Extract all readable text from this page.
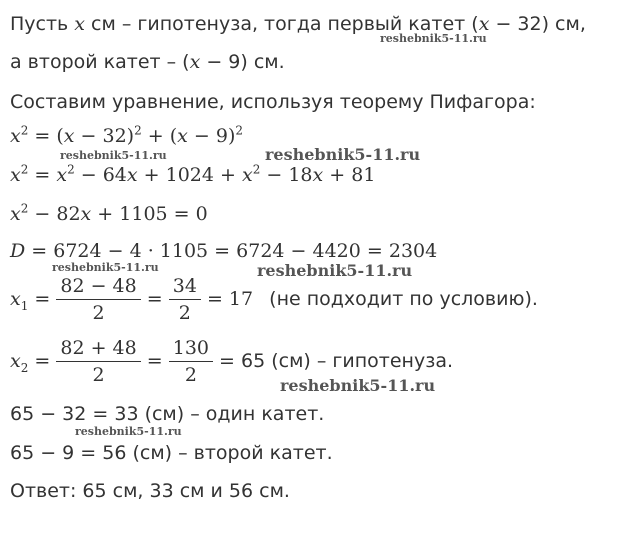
Пусть x см – гипотенуза, тогда первый катет (x − 32) см,
а второй катет – (x − 9) см.
Составим уравнение, используя теорему Пифагора:
$x^2 = (x - 32)^2 + (x - 9)^2$
$x^2 = x^2 - 64x + 1024 + x^2 - 18x + 81$
$x^2 - 82x + 1105 = 0$
D = 6724 − 4 · 1105 = 6724 − 4420 = 2304
$x_1 = \frac{82 - 48}{2} = \frac{34}{2} = 17$ (не подходит по условию).
$x_2 = \frac{82 + 48}{2} = \frac{130}{2} = 65$ (см) – гипотенуза.
65 − 32 = 33 (см) – один катет.
65 − 9 = 56 (см) – второй катет.
Ответ: 65 см, 33 см и 56 см.
reshebnik5-11.ru
reshebnik5-11.ru	reshebnik5-11.ru
reshebnik5-11.ru	reshebnik5-11.ru
reshebnik5-11.ru
reshebnik5-11.ru
